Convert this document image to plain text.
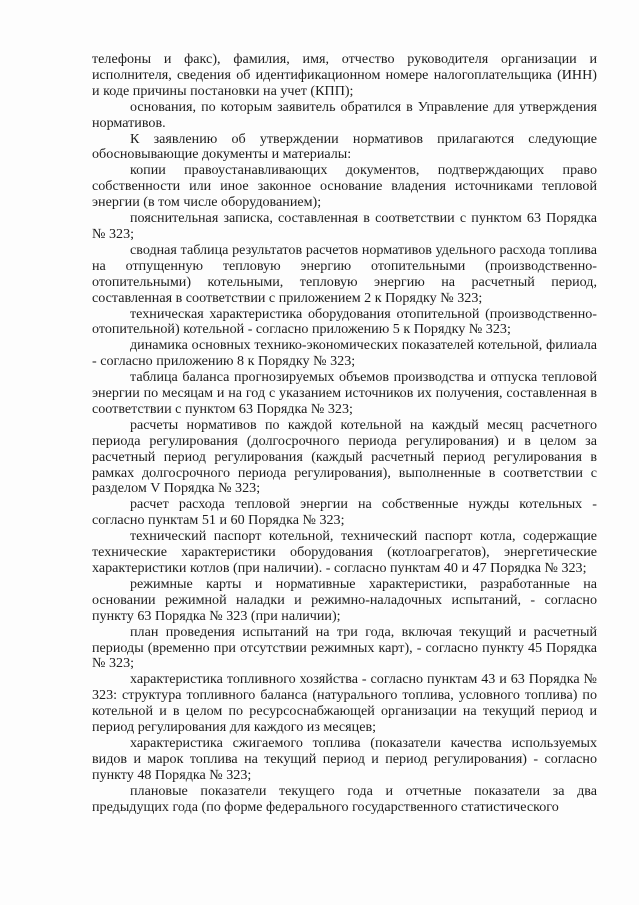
телефоны и факс), фамилия, имя, отчество руководителя организации и исполнителя, сведения об идентификационном номере налогоплательщика (ИНН) и коде причины постановки на учет (КПП);

основания, по которым заявитель обратился в Управление для утверждения нормативов.

К заявлению об утверждении нормативов прилагаются следующие обосновывающие документы и материалы:

копии правоустанавливающих документов, подтверждающих право собственности или иное законное основание владения источниками тепловой энергии (в том числе оборудованием);

пояснительная записка, составленная в соответствии с пунктом 63 Порядка № 323;

сводная таблица результатов расчетов нормативов удельного расхода топлива на отпущенную тепловую энергию отопительными (производственно-отопительными) котельными, тепловую энергию на расчетный период, составленная в соответствии с приложением 2 к Порядку № 323;

техническая характеристика оборудования отопительной (производственно-отопительной) котельной - согласно приложению 5 к Порядку № 323;

динамика основных технико-экономических показателей котельной, филиала - согласно приложению 8 к Порядку № 323;

таблица баланса прогнозируемых объемов производства и отпуска тепловой энергии по месяцам и на год с указанием источников их получения, составленная в соответствии с пунктом 63 Порядка № 323;

расчеты нормативов по каждой котельной на каждый месяц расчетного периода регулирования (долгосрочного периода регулирования) и в целом за расчетный период регулирования (каждый расчетный период регулирования в рамках долгосрочного периода регулирования), выполненные в соответствии с разделом V Порядка № 323;

расчет расхода тепловой энергии на собственные нужды котельных - согласно пунктам 51 и 60 Порядка № 323;

технический паспорт котельной, технический паспорт котла, содержащие технические характеристики оборудования (котлоагрегатов), энергетические характеристики котлов (при наличии). - согласно пунктам 40 и 47 Порядка № 323;

режимные карты и нормативные характеристики, разработанные на основании режимной наладки и режимно-наладочных испытаний, - согласно пункту 63 Порядка № 323 (при наличии);

план проведения испытаний на три года, включая текущий и расчетный периоды (временно при отсутствии режимных карт), - согласно пункту 45 Порядка № 323;

характеристика топливного хозяйства - согласно пунктам 43 и 63 Порядка № 323: структура топливного баланса (натурального топлива, условного топлива) по котельной и в целом по ресурсоснабжающей организации на текущий период и период регулирования для каждого из месяцев;

характеристика сжигаемого топлива (показатели качества используемых видов и марок топлива на текущий период и период регулирования) - согласно пункту 48 Порядка № 323;

плановые показатели текущего года и отчетные показатели за два предыдущих года (по форме федерального государственного статистического
